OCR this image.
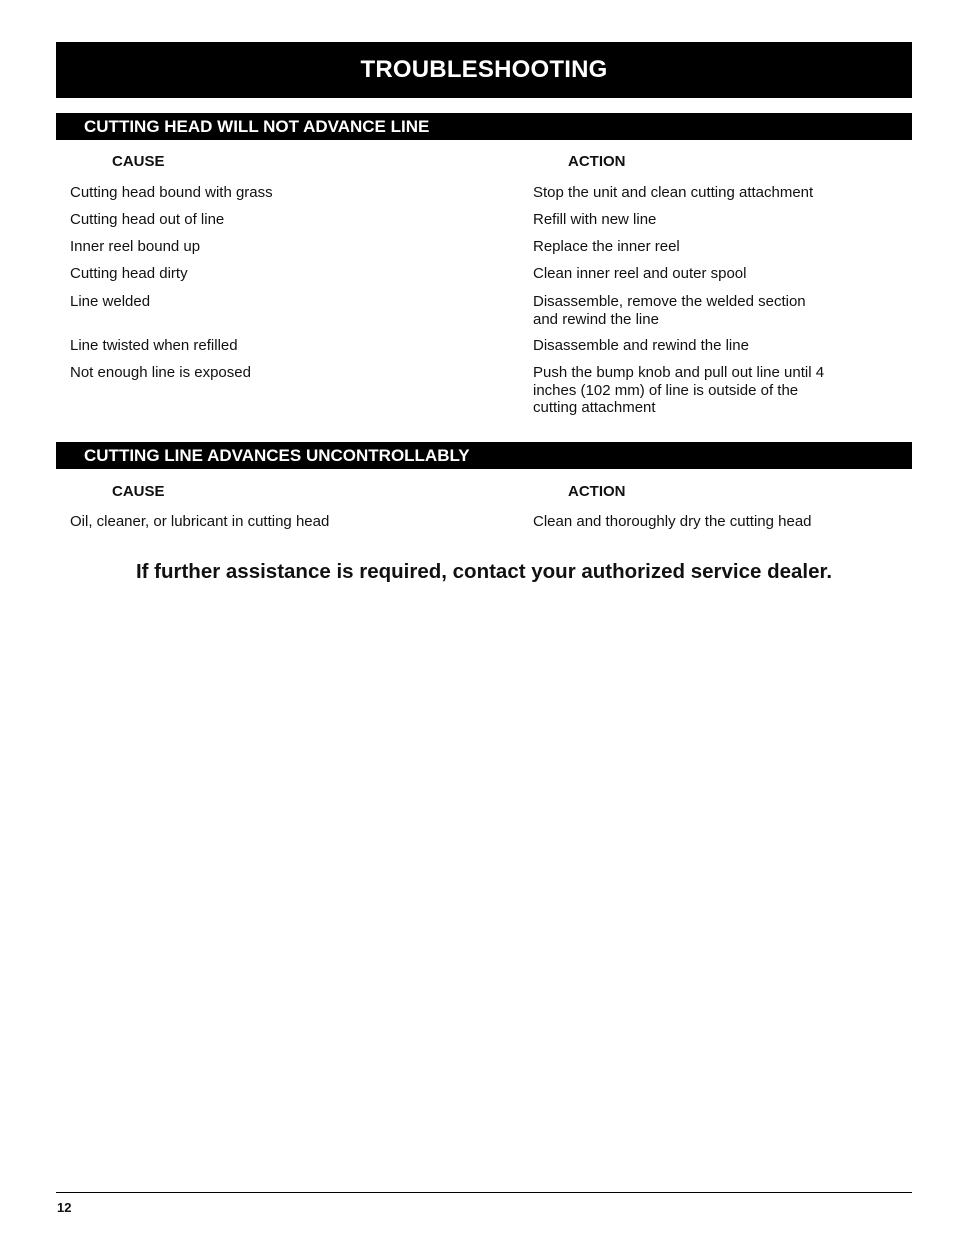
TROUBLESHOOTING
CUTTING HEAD WILL NOT ADVANCE LINE
CAUSE	ACTION
Cutting head bound with grass	Stop the unit and clean cutting attachment
Cutting head out of line	Refill with new line
Inner reel bound up	Replace the inner reel
Cutting head dirty	Clean inner reel and outer spool
Line welded	Disassemble, remove the welded section and rewind the line
Line twisted when refilled	Disassemble and rewind the line
Not enough line is exposed	Push the bump knob and pull out line until 4 inches (102 mm) of line is outside of the cutting attachment
CUTTING LINE ADVANCES UNCONTROLLABLY
CAUSE	ACTION
Oil, cleaner, or lubricant in cutting head	Clean and thoroughly dry the cutting head
If further assistance is required, contact your authorized service dealer.
12
